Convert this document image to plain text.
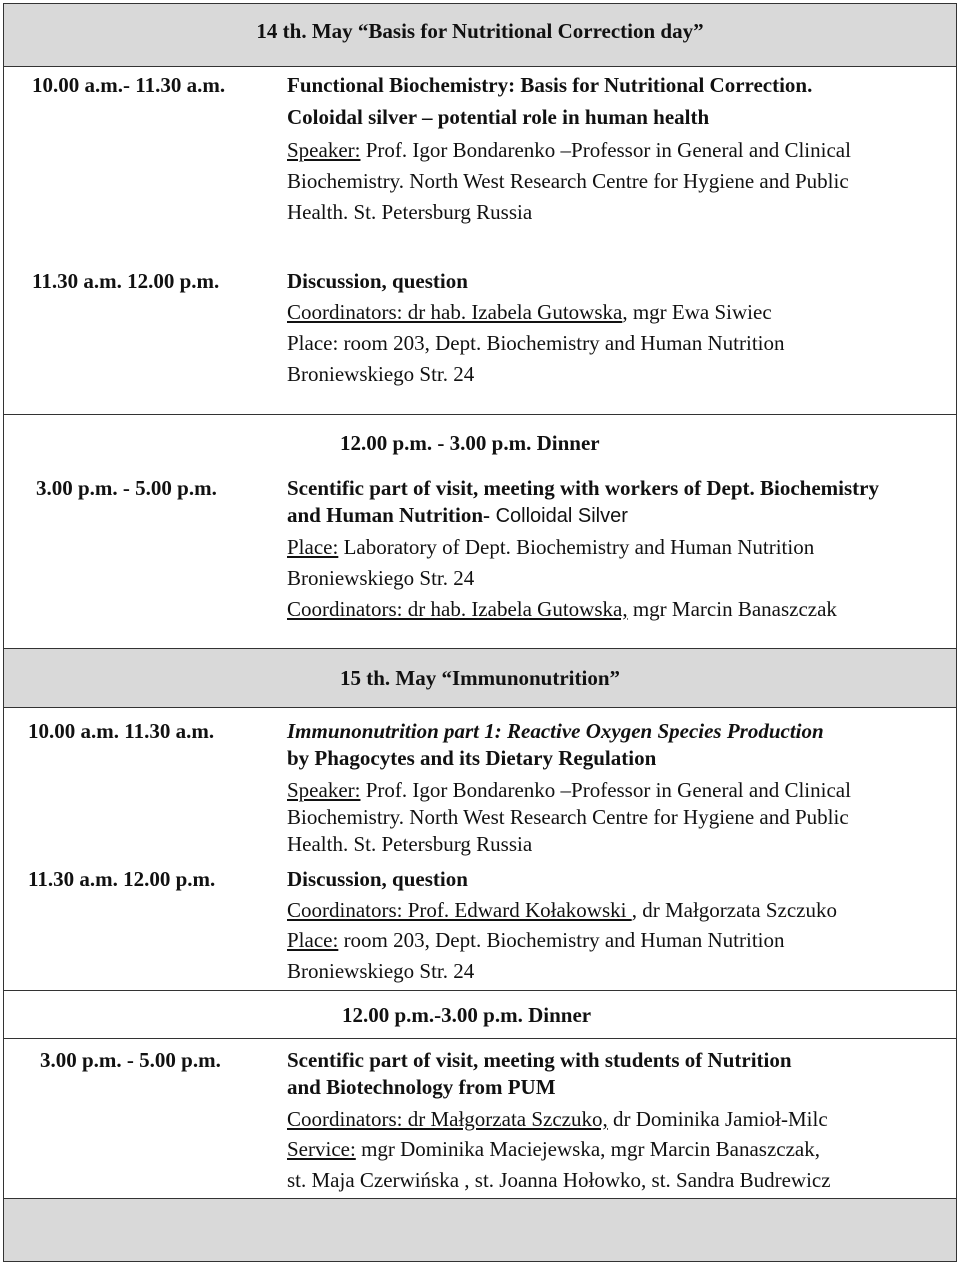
14 th. May “Basis for Nutritional Correction day”
10.00 a.m.- 11.30 a.m.	Functional Biochemistry: Basis for Nutritional Correction.
Coloidal silver – potential role in human health
Speaker: Prof. Igor Bondarenko –Professor in General and Clinical
Biochemistry. North West Research Centre for Hygiene and Public
Health. St. Petersburg Russia
11.30 a.m. 12.00 p.m.	Discussion, question
Coordinators: dr hab. Izabela Gutowska, mgr Ewa Siwiec
Place: room 203, Dept. Biochemistry and Human Nutrition
Broniewskiego Str. 24
12.00 p.m. - 3.00 p.m. Dinner
3.00 p.m. - 5.00 p.m.	Scentific part of visit, meeting with workers of Dept. Biochemistry
and Human Nutrition- Colloidal Silver
Place: Laboratory of Dept. Biochemistry and Human Nutrition
Broniewskiego Str. 24
Coordinators: dr hab. Izabela Gutowska, mgr Marcin Banaszczak
15 th. May “Immunonutrition”
10.00 a.m. 11.30 a.m.	Immunonutrition part 1: Reactive Oxygen Species Production
by Phagocytes and its Dietary Regulation
Speaker: Prof. Igor Bondarenko –Professor in General and Clinical
Biochemistry. North West Research Centre for Hygiene and Public
Health. St. Petersburg Russia
11.30 a.m. 12.00 p.m.	Discussion, question
Coordinators: Prof. Edward Kołakowski , dr Małgorzata Szczuko
Place: room 203, Dept. Biochemistry and Human Nutrition
Broniewskiego Str. 24
12.00 p.m.-3.00 p.m. Dinner
3.00 p.m. - 5.00 p.m.	Scentific part of visit, meeting with students of Nutrition
and Biotechnology from PUM
Coordinators: dr Małgorzata Szczuko, dr Dominika Jamioł-Milc
Service: mgr Dominika Maciejewska, mgr Marcin Banaszczak,
st. Maja Czerwińska , st. Joanna Hołowko, st. Sandra Budrewicz
